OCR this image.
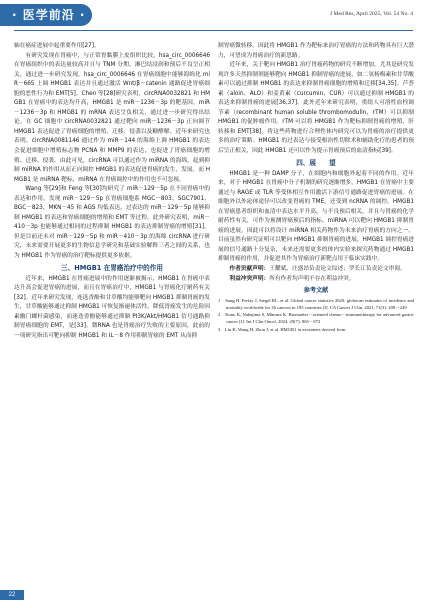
· 医学前沿 ·	J Med Res, April 2025, Vol. 54 No. 4
轴在癌症进展中起重要作用[27]。
有研究发现在胃癌中，与正常胃黏膜上皮组织比较，hsa_circ_0006646 在胃癌组织中的表达量较高并且与 TNM 分期、淋巴结浸润和预后不良呈正相关，通过进一步研究发现，hsa_circ_0006646 在胃癌细胞中能够海绵化 miR－665 上调 HMGB1 表达并且通过激活 Wnt/β－catenin 通路促进胃癌细胞的恶性行为和 EMT[5]。Chen 等[28]研究表明，circRNA0032821 和 HMGB1 在胃癌中的表达均升高，HMGB1 是 miR－1236－3p 的靶基因，miR－1236－3p 和 HMGB1 的 mRNA 表达呈负相关，通过进一步研究得出结论，在 GC 细胞中 circRNA0032821 通过靶向 miR－1236－3p 正向调节 HMGB1 表达促进了胃癌细胞的增殖、迁移、侵袭以及糖酵解。近年来研究也表明，circRNA0081146 通过作为 miR－144 的海绵上调 HMGB1 的表达会促进细胞中增殖标志物 PCNA 和 MMP9 的表达，也促进了胃癌细胞的增殖、迁移、侵袭。由此可见，circRNA 可以通过作为 miRNA 的海绵，起到抑制 miRNA 的作用从而正向调控 HMGB1 的表达促进胃癌的发生、发展。而 HMGB1 是 miRNA 靶标，miRNA 在胃癌调控中的作用也不可忽视。
Wang 等[29]和 Feng 等[30]均研究了 miR－129－5p 在不同胃癌中的表达和作用，发现 miR－129－5p 在胃癌细胞系 MGC－803、SGC7901、BGC－823、MKN－45 和 AGS 均低表达，过表达的 miR－129－5p 能够抑制 HMGB1 的表达和胃癌细胞的增殖和 EMT 等过程。此外研究表明，miR－410－3p 也能够通过相同的过程抑制 HMGB1 的表达抑制胃癌的增殖[31]。但是目前还未对 miR－129－5p 和 miR－410－3p 的海绵 circRNA 进行研究，未来需要开展更多的生物信息学研究和基础实验解释三者之间的关系，也为 HMGB1 作为胃癌的治疗靶标提供更多依据。
三、HMGB1 在胃癌治疗中的作用
近年来，HMGB1 在胃癌进展中的作用逐渐被揭示，HMGB1 在胃癌中表达升高会促进胃癌的进展，而且在胃癌治疗中，HMGB1 与胃癌化疗耐药有关[32]。近年来研究发现，连选香酚和甘草酸均能够靶向 HMGB1 抑制胃癌的发生，甘草酸能够通过抑制 HMGB1 可恢复渐褪体活性，降低胃癌发生的危险因素幽门螺杆菌感染，而迷迭香酚能够通过抑制 PI3K/Akt/HMGB1 信号通路抑制胃癌细胞的 EMT，是[33]。微RNA 也是胃癌治疗失败的主要原因，此前的一项研究指出可靶向抑制 HMGB1 和 IL－8 作用抑制胃癌的 EMT 从而抑
制胃癌微转移。因此将 HMGB1 作为靶标来治疗胃癌的方法和药物具有巨大潜力，可望成为胃癌治疗的新思路。
近年来，关于靶向 HMGB1 治疗胃癌药物的研究不断增加，尤其是研究发现许多天然抑制剂能够靶向 HMGB1 抑制胃癌的进展，如二氢杨梅素和甘草酸素可以通过抑制 HMGB1 的表达来抑制胃癌细胞的增殖和迁移[34,35]。芦荟素（aloin、ALO）和姜黄素（curcumin、CUR）可以通过抑制 HMGB1 的表达来抑制胃癌的进展[36,37]。此外近年来研究表明，重组人可溶性血栓调节素（recombinant human soluble thrombomodulin，rTM）可以抑制 HMGB1 的促肿瘤作用。rTM 可以将 HMGB1 作为靶标抑制胃癌的增殖、肝转移和 EMT[38]。将这些药物进行合理性体内研究可以为胃癌的治疗提供更多的治疗策略。HMGB1 的过表达与接受根治性切除术和辅助化疗的患者的预后呈正相关，因此 HMGB1 还可以作为提示胃癌预后的血清指标[39]。
四、展　　望
HMGB1 是一种 DAMP 分子，在细胞内和细胞外起着不同的作用。近年来，对于 HMGB1 在胃癌中分子机制的研究逐渐增多，HMGB1 在胃癌中主要通过与 RAGE 或 TLR 等受体相互作用激活下游信号通路促进胃癌的进展。在细胞外以外泌体途径可以改变胃癌的 TME，还受到 ncRNA 的调控。HMGB1 在胃癌患者组织和血清中表达水平升高，与不良预后相关，并且与胃癌的化学耐药性有关，可作为预测胃癌预后的指标。miRNA 可以靶向 HMGB1 抑制胃癌的进展，因此可以将设计 miRNA 相关药物作为未来治疗胃癌的方向之一。目前虽然有研究证明可以靶向 HMGB1 抑制胃癌的进展，HMGB1 调控胃癌进展的信号通路十分复杂，未来还需要更多的体内实验来探究药物通过 HMGB1 抑制胃癌的作用，并促进其作为胃癌治疗新靶点用于临床实践中。
作者贡献声明：王耀斌、汪盛昂负责论文综述；罗长江负责论文审阅。
利益冲突声明：所有作者均声明不存在利益冲突。
参考文献
1　Sung H, Ferlay J, Siegel RL, et al. Global cancer statistics 2020: globocan estimates of incidence and mortality worldwide for 36 cancers in 185 countries [J]. CA Cancer J Clin, 2021, 71(3): 209－249
2　Kono K, Nakajima S, Mimura K. Biomarker－oriented chemo－immunotherapy for advanced gastric cancer [J]. Int J Clin Oncol, 2024, 29(7): 865－872
3　Liu K, Wang H, Zhou J, et al. HMGB1 in exosomes derived from
22
